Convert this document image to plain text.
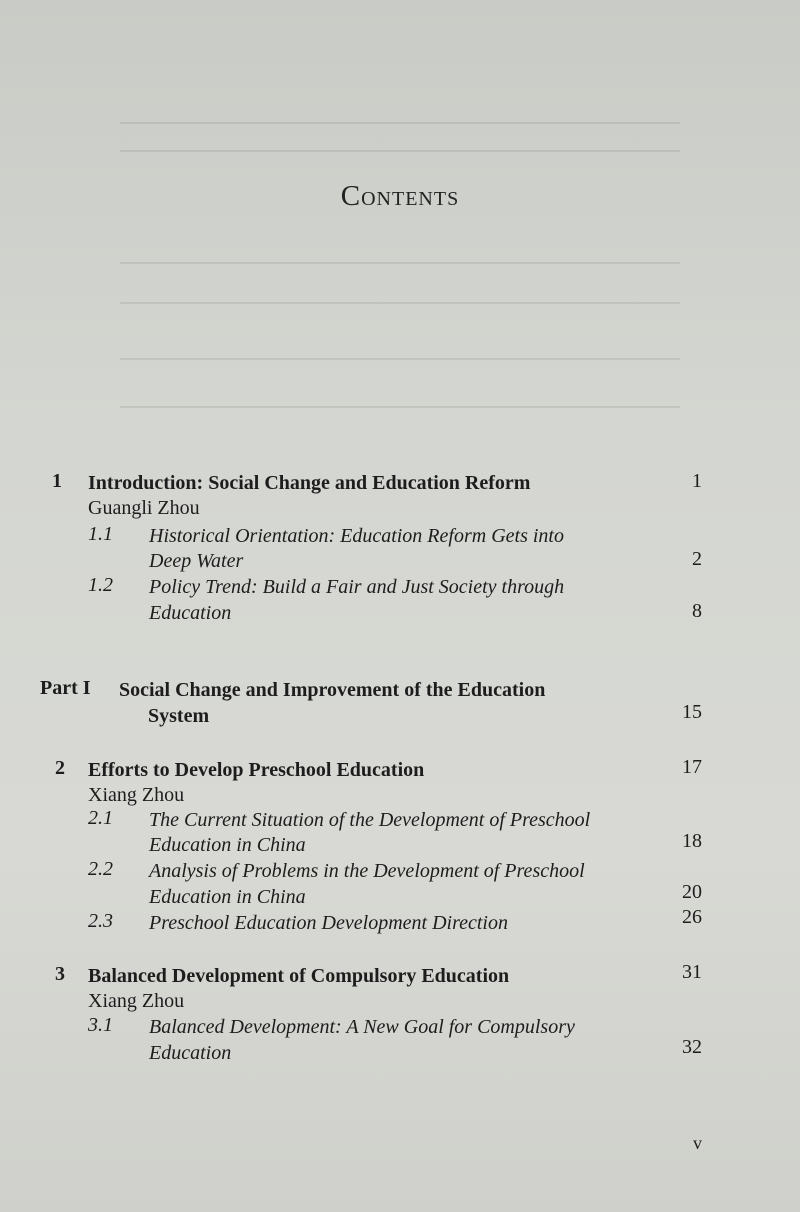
Contents
1 Introduction: Social Change and Education Reform	1
Guangli Zhou
1.1 Historical Orientation: Education Reform Gets into
Deep Water	2
1.2 Policy Trend: Build a Fair and Just Society through
Education	8
Part I Social Change and Improvement of the Education
System	15
2 Efforts to Develop Preschool Education	17
Xiang Zhou
2.1 The Current Situation of the Development of Preschool
Education in China	18
2.2 Analysis of Problems in the Development of Preschool
Education in China	20
2.3 Preschool Education Development Direction	26
3 Balanced Development of Compulsory Education	31
Xiang Zhou
3.1 Balanced Development: A New Goal for Compulsory
Education	32
v
